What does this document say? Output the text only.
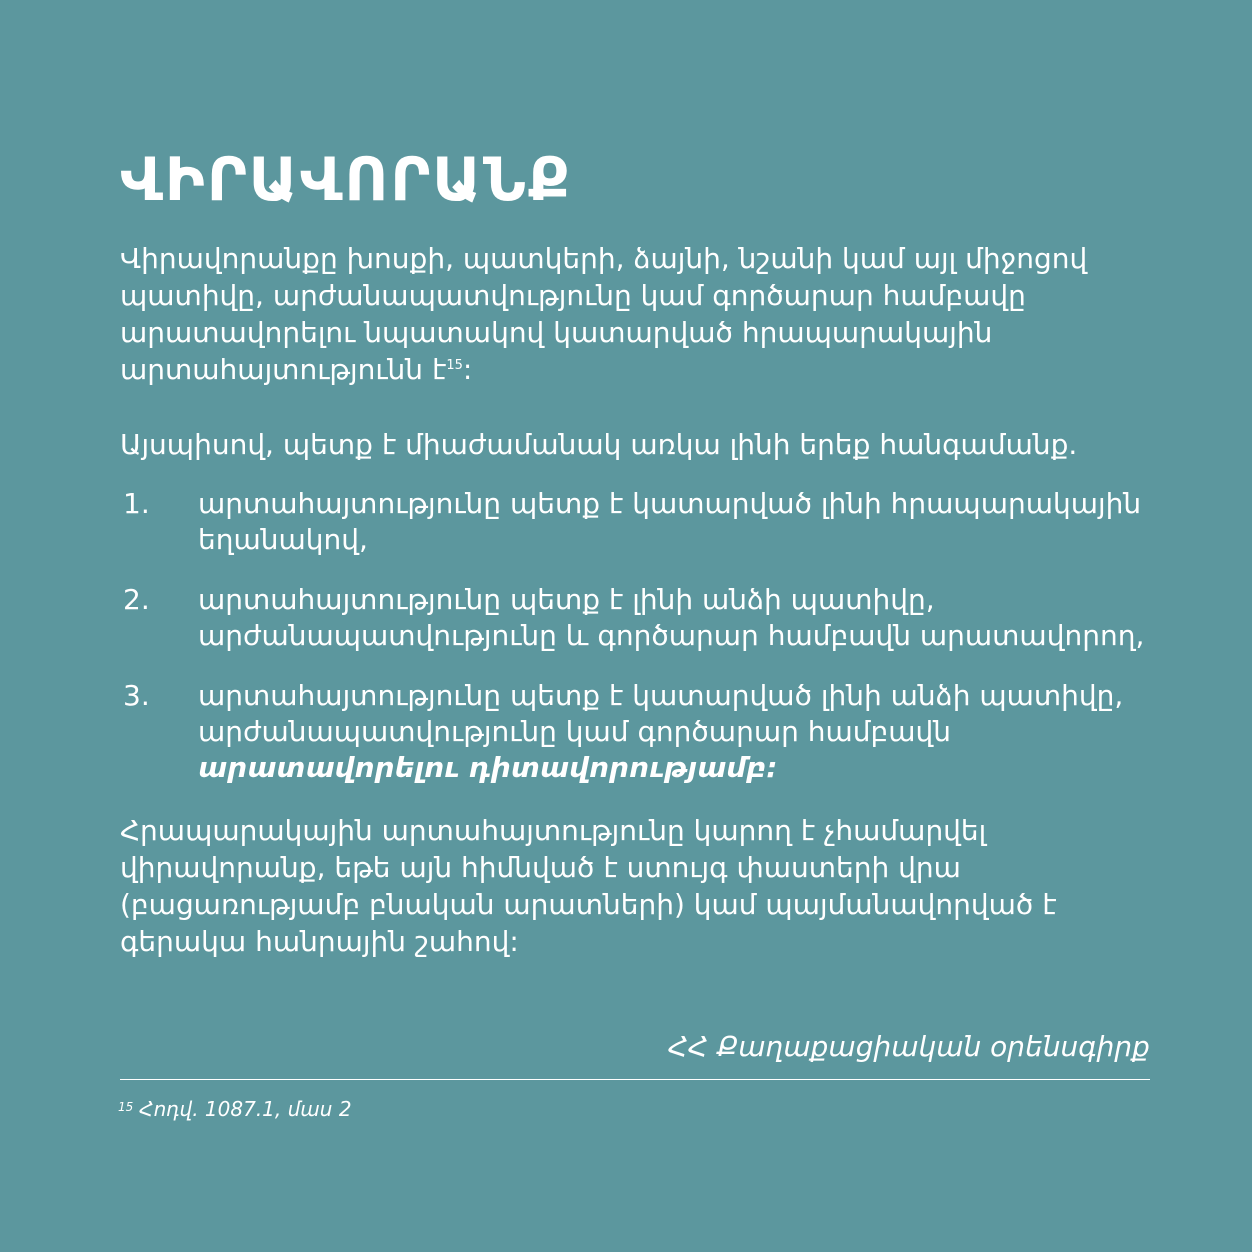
ՎԻՐԱՎՈՐԱՆՔ

Վիրավորանքը խոսքի, պատկերի, ձայնի, նշանի կամ այլ միջոցով պատիվը, արժանապատվությունը կամ գործարար համբավը արատավորելու նպատակով կատարված հրապարակային արտահայտությունն է$^{15}$:

Այսպիսով, պետք է միաժամանակ առկա լինի երեք հանգամանք.

1. արտահայտությունը պետք է կատարված լինի հրապարակային եղանակով,
2. արտահայտությունը պետք է լինի անձի պատիվը, արժանապատվությունը և գործարար համբավն արատավորող,
3. արտահայտությունը պետք է կատարված լինի անձի պատիվը, արժանապատվությունը կամ գործարար համբավն արատավորելու դիտավորությամբ:

Հրապարակային արտահայտությունը կարող է չհամարվել վիրավորանք, եթե այն հիմնված է ստույգ փաստերի վրա (բացառությամբ բնական արատների) կամ պայմանավորված է գերակա հանրային շահով:

ՀՀ Քաղաքացիական օրենսգիրք

$^{15}$ Հոդվ. 1087.1, մաս 2
